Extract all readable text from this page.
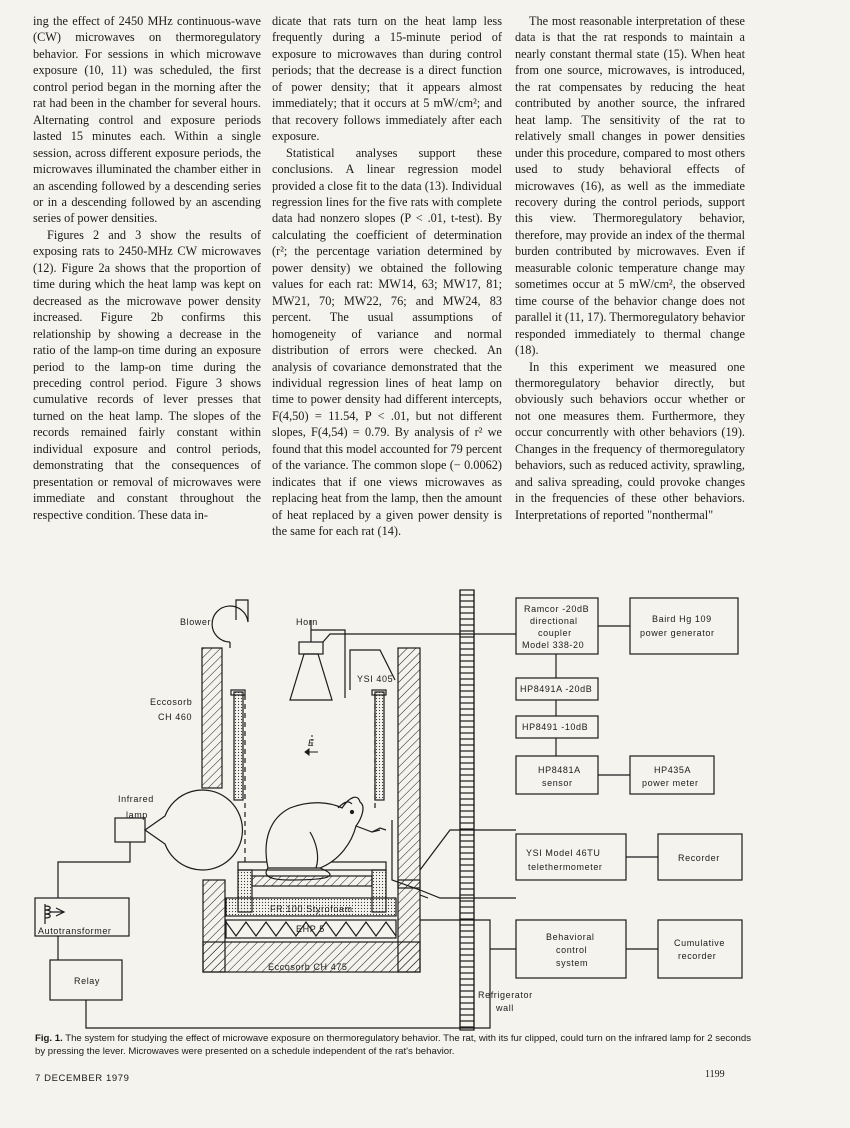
ing the effect of 2450 MHz continuous-wave (CW) microwaves on thermoregulatory behavior. For sessions in which microwave exposure (10, 11) was scheduled, the first control period began in the morning after the rat had been in the chamber for several hours. Alternating control and exposure periods lasted 15 minutes each. Within a single session, across different exposure periods, the microwaves illuminated the chamber either in an ascending followed by a descending series or in a descending followed by an ascending series of power densities.

Figures 2 and 3 show the results of exposing rats to 2450-MHz CW microwaves (12). Figure 2a shows that the proportion of time during which the heat lamp was kept on decreased as the microwave power density increased. Figure 2b confirms this relationship by showing a decrease in the ratio of the lamp-on time during an exposure period to the lamp-on time during the preceding control period. Figure 3 shows cumulative records of lever presses that turned on the heat lamp. The slopes of the records remained fairly constant within individual exposure and control periods, demonstrating that the consequences of presentation or removal of microwaves were immediate and constant throughout the respective condition. These data in-

dicate that rats turn on the heat lamp less frequently during a 15-minute period of exposure to microwaves than during control periods; that the decrease is a direct function of power density; that it appears almost immediately; that it occurs at 5 mW/cm²; and that recovery follows immediately after each exposure.

Statistical analyses support these conclusions. A linear regression model provided a close fit to the data (13). Individual regression lines for the five rats with complete data had nonzero slopes (P < .01, t-test). By calculating the coefficient of determination (r²; the percentage variation determined by power density) we obtained the following values for each rat: MW14, 63; MW17, 81; MW21, 70; MW22, 76; and MW24, 83 percent. The usual assumptions of homogeneity of variance and normal distribution of errors were checked. An analysis of covariance demonstrated that the individual regression lines of heat lamp on time to power density had different intercepts, F(4,50) = 11.54, P < .01, but not different slopes, F(4,54) = 0.79. By analysis of r² we found that this model accounted for 79 percent of the variance. The common slope (− 0.0062) indicates that if one views microwaves as replacing heat from the lamp, then the amount of heat replaced by a given power density is the same for each rat (14).

The most reasonable interpretation of these data is that the rat responds to maintain a nearly constant thermal state (15). When heat from one source, microwaves, is introduced, the rat compensates by reducing the heat contributed by another source, the infrared heat lamp. The sensitivity of the rat to relatively small changes in power densities under this procedure, compared to most others used to study behavioral effects of microwaves (16), as well as the immediate recovery during the control periods, support this view. Thermoregulatory behavior, therefore, may provide an index of the thermal burden contributed by microwaves. Even if measurable colonic temperature change may sometimes occur at 5 mW/cm², the observed time course of the behavior change does not parallel it (11, 17). Thermoregulatory behavior responded immediately to thermal change (18).

In this experiment we measured one thermoregulatory behavior directly, but obviously such behaviors occur whether or not one measures them. Furthermore, they occur concurrently with other behaviors (19). Changes in the frequency of thermoregulatory behaviors, such as reduced activity, sprawling, and saliva spreading, could provoke changes in the frequencies of these other behaviors. Interpretations of reported "nonthermal"

Blower	Horn
YSI 405
Eccosorb
CH 460
E
Infrared
lamp
Autotransformer
Relay
FR 100 Styrofoam
EHP 5
Eccosorb CH 475
Refrigerator
wall
Ramcor -20dB
directional
coupler
Model 338-20
Baird Hg 109
power generator
HP8491A -20dB
HP8491 -10dB
HP8481A
sensor
HP435A
power meter
YSI Model 46TU
telethermometer
Recorder
Behavioral
control
system
Cumulative
recorder
Fig. 1. The system for studying the effect of microwave exposure on thermoregulatory behavior. The rat, with its fur clipped, could turn on the infrared lamp for 2 seconds by pressing the lever. Microwaves were presented on a schedule independent of the rat's behavior.
7 DECEMBER 1979	1199
